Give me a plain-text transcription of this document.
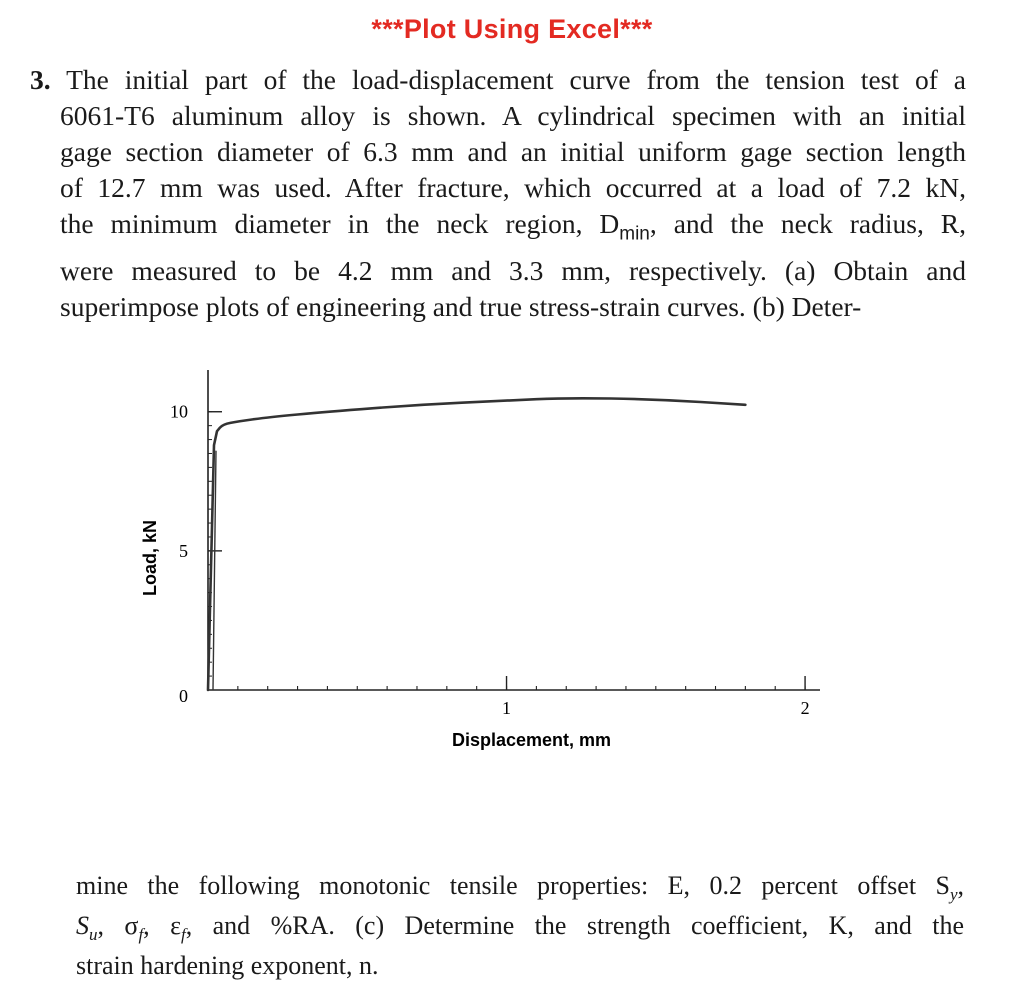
***Plot Using Excel***
3. The initial part of the load-displacement curve from the tension test of a
6061-T6 aluminum alloy is shown. A cylindrical specimen with an initial
gage section diameter of 6.3 mm and an initial uniform gage section length
of 12.7 mm was used. After fracture, which occurred at a load of 7.2 kN,
the minimum diameter in the neck region, $D_{min}$, and the neck radius, R,
were measured to be 4.2 mm and 3.3 mm, respectively. (a) Obtain and
superimpose plots of engineering and true stress-strain curves. (b) Deter-
1	2
0
5
10
Displacement, mm
Load, kN
mine the following monotonic tensile properties: E, 0.2 percent offset $S_y$,
$S_u$, $\sigma_f$, $\varepsilon_f$, and %RA. (c) Determine the strength coefficient, K, and the
strain hardening exponent, n.
